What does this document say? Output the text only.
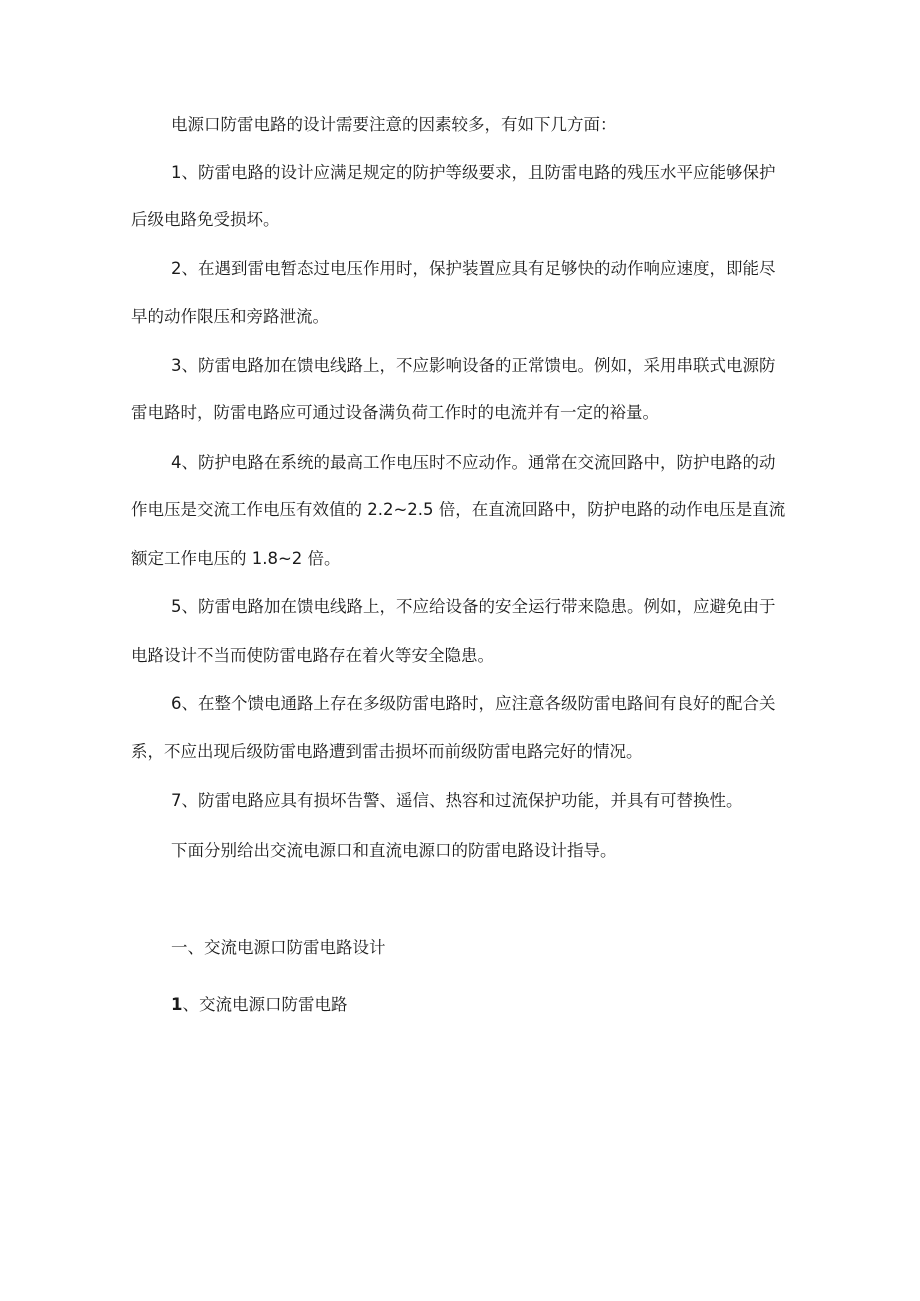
电源口防雷电路的设计需要注意的因素较多，有如下几方面：
1、防雷电路的设计应满足规定的防护等级要求，且防雷电路的残压水平应能够保护
后级电路免受损坏。
2、在遇到雷电暂态过电压作用时，保护装置应具有足够快的动作响应速度，即能尽
早的动作限压和旁路泄流。
3、防雷电路加在馈电线路上，不应影响设备的正常馈电。例如，采用串联式电源防
雷电路时，防雷电路应可通过设备满负荷工作时的电流并有一定的裕量。
4、防护电路在系统的最高工作电压时不应动作。通常在交流回路中，防护电路的动
作电压是交流工作电压有效值的 2.2~2.5 倍，在直流回路中，防护电路的动作电压是直流
额定工作电压的 1.8~2 倍。
5、防雷电路加在馈电线路上，不应给设备的安全运行带来隐患。例如，应避免由于
电路设计不当而使防雷电路存在着火等安全隐患。
6、在整个馈电通路上存在多级防雷电路时，应注意各级防雷电路间有良好的配合关
系，不应出现后级防雷电路遭到雷击损坏而前级防雷电路完好的情况。
7、防雷电路应具有损坏告警、遥信、热容和过流保护功能，并具有可替换性。
下面分别给出交流电源口和直流电源口的防雷电路设计指导。
一、交流电源口防雷电路设计
1、交流电源口防雷电路
